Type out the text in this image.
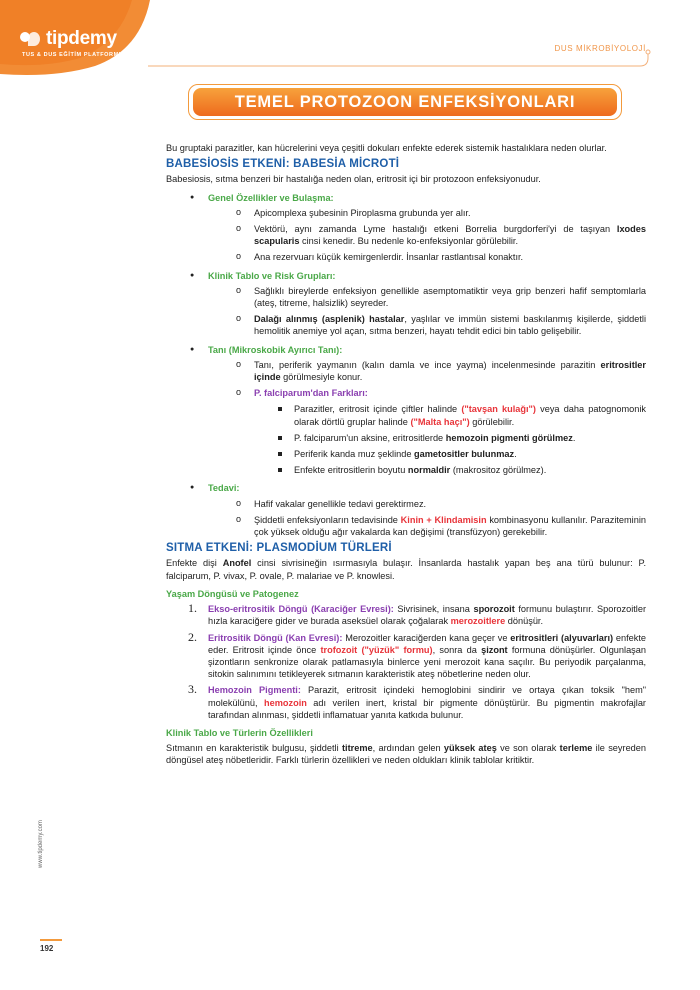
tipdemy
TUS & DUS EĞİTİM PLATFORMU
DUS MİKROBİYOLOJİ
TEMEL PROTOZOON ENFEKSİYONLARI

Bu gruptaki parazitler, kan hücrelerini veya çeşitli dokuları enfekte ederek sistemik hastalıklara neden olurlar.

BABESİOSİS ETKENİ: BABESİA MİCROTİ

Babesiosis, sıtma benzeri bir hastalığa neden olan, eritrosit içi bir protozoon enfeksiyonudur.

● Genel Özellikler ve Bulaşma:
o Apicomplexa şubesinin Piroplasma grubunda yer alır.
o Vektörü, aynı zamanda Lyme hastalığı etkeni Borrelia burgdorferi'yi de taşıyan Ixodes scapularis cinsi kenedir. Bu nedenle ko-enfeksiyonlar görülebilir.
o Ana rezervuarı küçük kemirgenlerdir. İnsanlar rastlantısal konaktır.
● Klinik Tablo ve Risk Grupları:
o Sağlıklı bireylerde enfeksiyon genellikle asemptomatiktir veya grip benzeri hafif semptomlarla (ateş, titreme, halsizlik) seyreder.
o Dalağı alınmış (asplenik) hastalar, yaşlılar ve immün sistemi baskılanmış kişilerde, şiddetli hemolitik anemiye yol açan, sıtma benzeri, hayatı tehdit edici bin tablo gelişebilir.
● Tanı (Mikroskobik Ayırıcı Tanı):
o Tanı, periferik yaymanın (kalın damla ve ince yayma) incelenmesinde parazitin eritrositler içinde görülmesiyle konur.
o P. falciparum'dan Farkları:
Parazitler, eritrosit içinde çiftler halinde ("tavşan kulağı") veya daha patognomonik olarak dörtlü gruplar halinde ("Malta haçı") görülebilir.
P. falciparum'un aksine, eritrositlerde hemozoin pigmenti görülmez.
Periferik kanda muz şeklinde gametositler bulunmaz.
Enfekte eritrositlerin boyutu normaldir (makrositoz görülmez).
● Tedavi:
o Hafif vakalar genellikle tedavi gerektirmez.
o Şiddetli enfeksiyonların tedavisinde Kinin + Klindamisin kombinasyonu kullanılır. Paraziteminin çok yüksek olduğu ağır vakalarda kan değişimi (transfüzyon) gerekebilir.
SITMA ETKENİ: PLASMODİUM TÜRLERİ

Enfekte dişi Anofel cinsi sivrisineğin ısırmasıyla bulaşır. İnsanlarda hastalık yapan beş ana türü bulunur: P. falciparum, P. vivax, P. ovale, P. malariae ve P. knowlesi.

Yaşam Döngüsü ve Patogenez
1. Ekso-eritrositik Döngü (Karaciğer Evresi): Sivrisinek, insana sporozoit formunu bulaştırır. Sporozoitler hızla karaciğere gider ve burada aseksüel olarak çoğalarak merozoitlere dönüşür.
2. Eritrositik Döngü (Kan Evresi): Merozoitler karaciğerden kana geçer ve eritrositleri (alyuvarları) enfekte eder. Eritrosit içinde önce trofozoit ("yüzük" formu), sonra da şizont formuna dönüşürler. Olgunlaşan şizontların senkronize olarak patlamasıyla binlerce yeni merozoit kana saçılır. Bu periyodik parçalanma, sitokin salınımını tetikleyerek sıtmanın karakteristik ateş nöbetlerine neden olur.
3. Hemozoin Pigmenti: Parazit, eritrosit içindeki hemoglobini sindirir ve ortaya çıkan toksik "hem" molekülünü, hemozoin adı verilen inert, kristal bir pigmente dönüştürür. Bu pigmentin makrofajlar tarafından alınması, şiddetli inflamatuar yanıta katkıda bulunur.
Klinik Tablo ve Türlerin Özellikleri

Sıtmanın en karakteristik bulgusu, şiddetli titreme, ardından gelen yüksek ateş ve son olarak terleme ile seyreden döngüsel ateş nöbetleridir. Farklı türlerin özellikleri ve neden oldukları klinik tablolar kritiktir.

www.tipdemy.com
192
